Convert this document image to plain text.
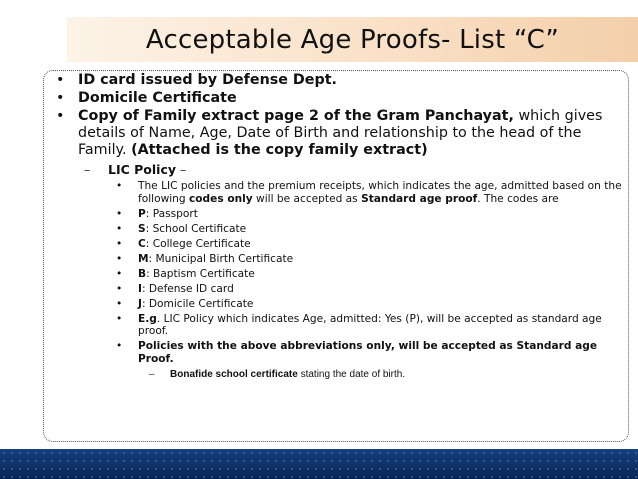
Acceptable Age Proofs- List “C”
• ID card issued by Defense Dept.
• Domicile Certificate
• Copy of Family extract page 2 of the Gram Panchayat, which gives details of Name, Age, Date of Birth and relationship to the head of the Family. (Attached is the copy family extract)
– LIC Policy –
• The LIC policies and the premium receipts, which indicates the age, admitted based on the following codes only will be accepted as Standard age proof. The codes are
• P: Passport
• S: School Certificate
• C: College Certificate
• M: Municipal Birth Certificate
• B: Baptism Certificate
• I: Defense ID card
• J: Domicile Certificate
• E.g. LIC Policy which indicates Age, admitted: Yes (P), will be accepted as standard age proof.
• Policies with the above abbreviations only, will be accepted as Standard age Proof.
– Bonafide school certificate stating the date of birth.
